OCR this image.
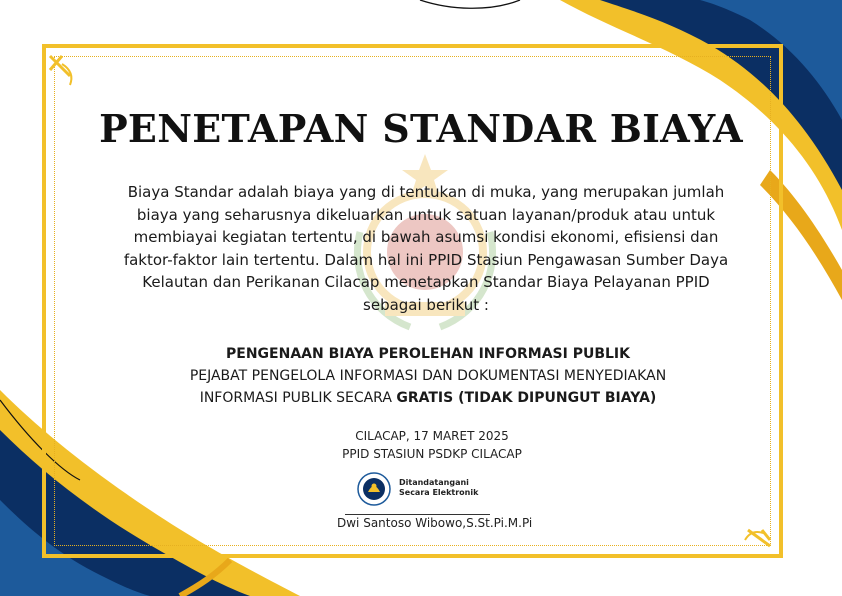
PENETAPAN STANDAR BIAYA

Biaya Standar adalah biaya yang di tentukan di muka, yang merupakan jumlah biaya yang seharusnya dikeluarkan untuk satuan layanan/produk atau untuk membiayai kegiatan tertentu, di bawah asumsi kondisi ekonomi, efisiensi dan faktor-faktor lain tertentu. Dalam hal ini PPID Stasiun Pengawasan Sumber Daya Kelautan dan Perikanan Cilacap menetapkan Standar Biaya Pelayanan PPID sebagai berikut :

PENGENAAN BIAYA PEROLEHAN INFORMASI PUBLIK
PEJABAT PENGELOLA INFORMASI DAN DOKUMENTASI MENYEDIAKAN
INFORMASI PUBLIK SECARA GRATIS (TIDAK DIPUNGUT BIAYA)
CILACAP, 17 MARET 2025
PPID STASIUN PSDKP CILACAP
Ditandatangani
Secara Elektronik
Dwi Santoso Wibowo,S.St.Pi.M.Pi
